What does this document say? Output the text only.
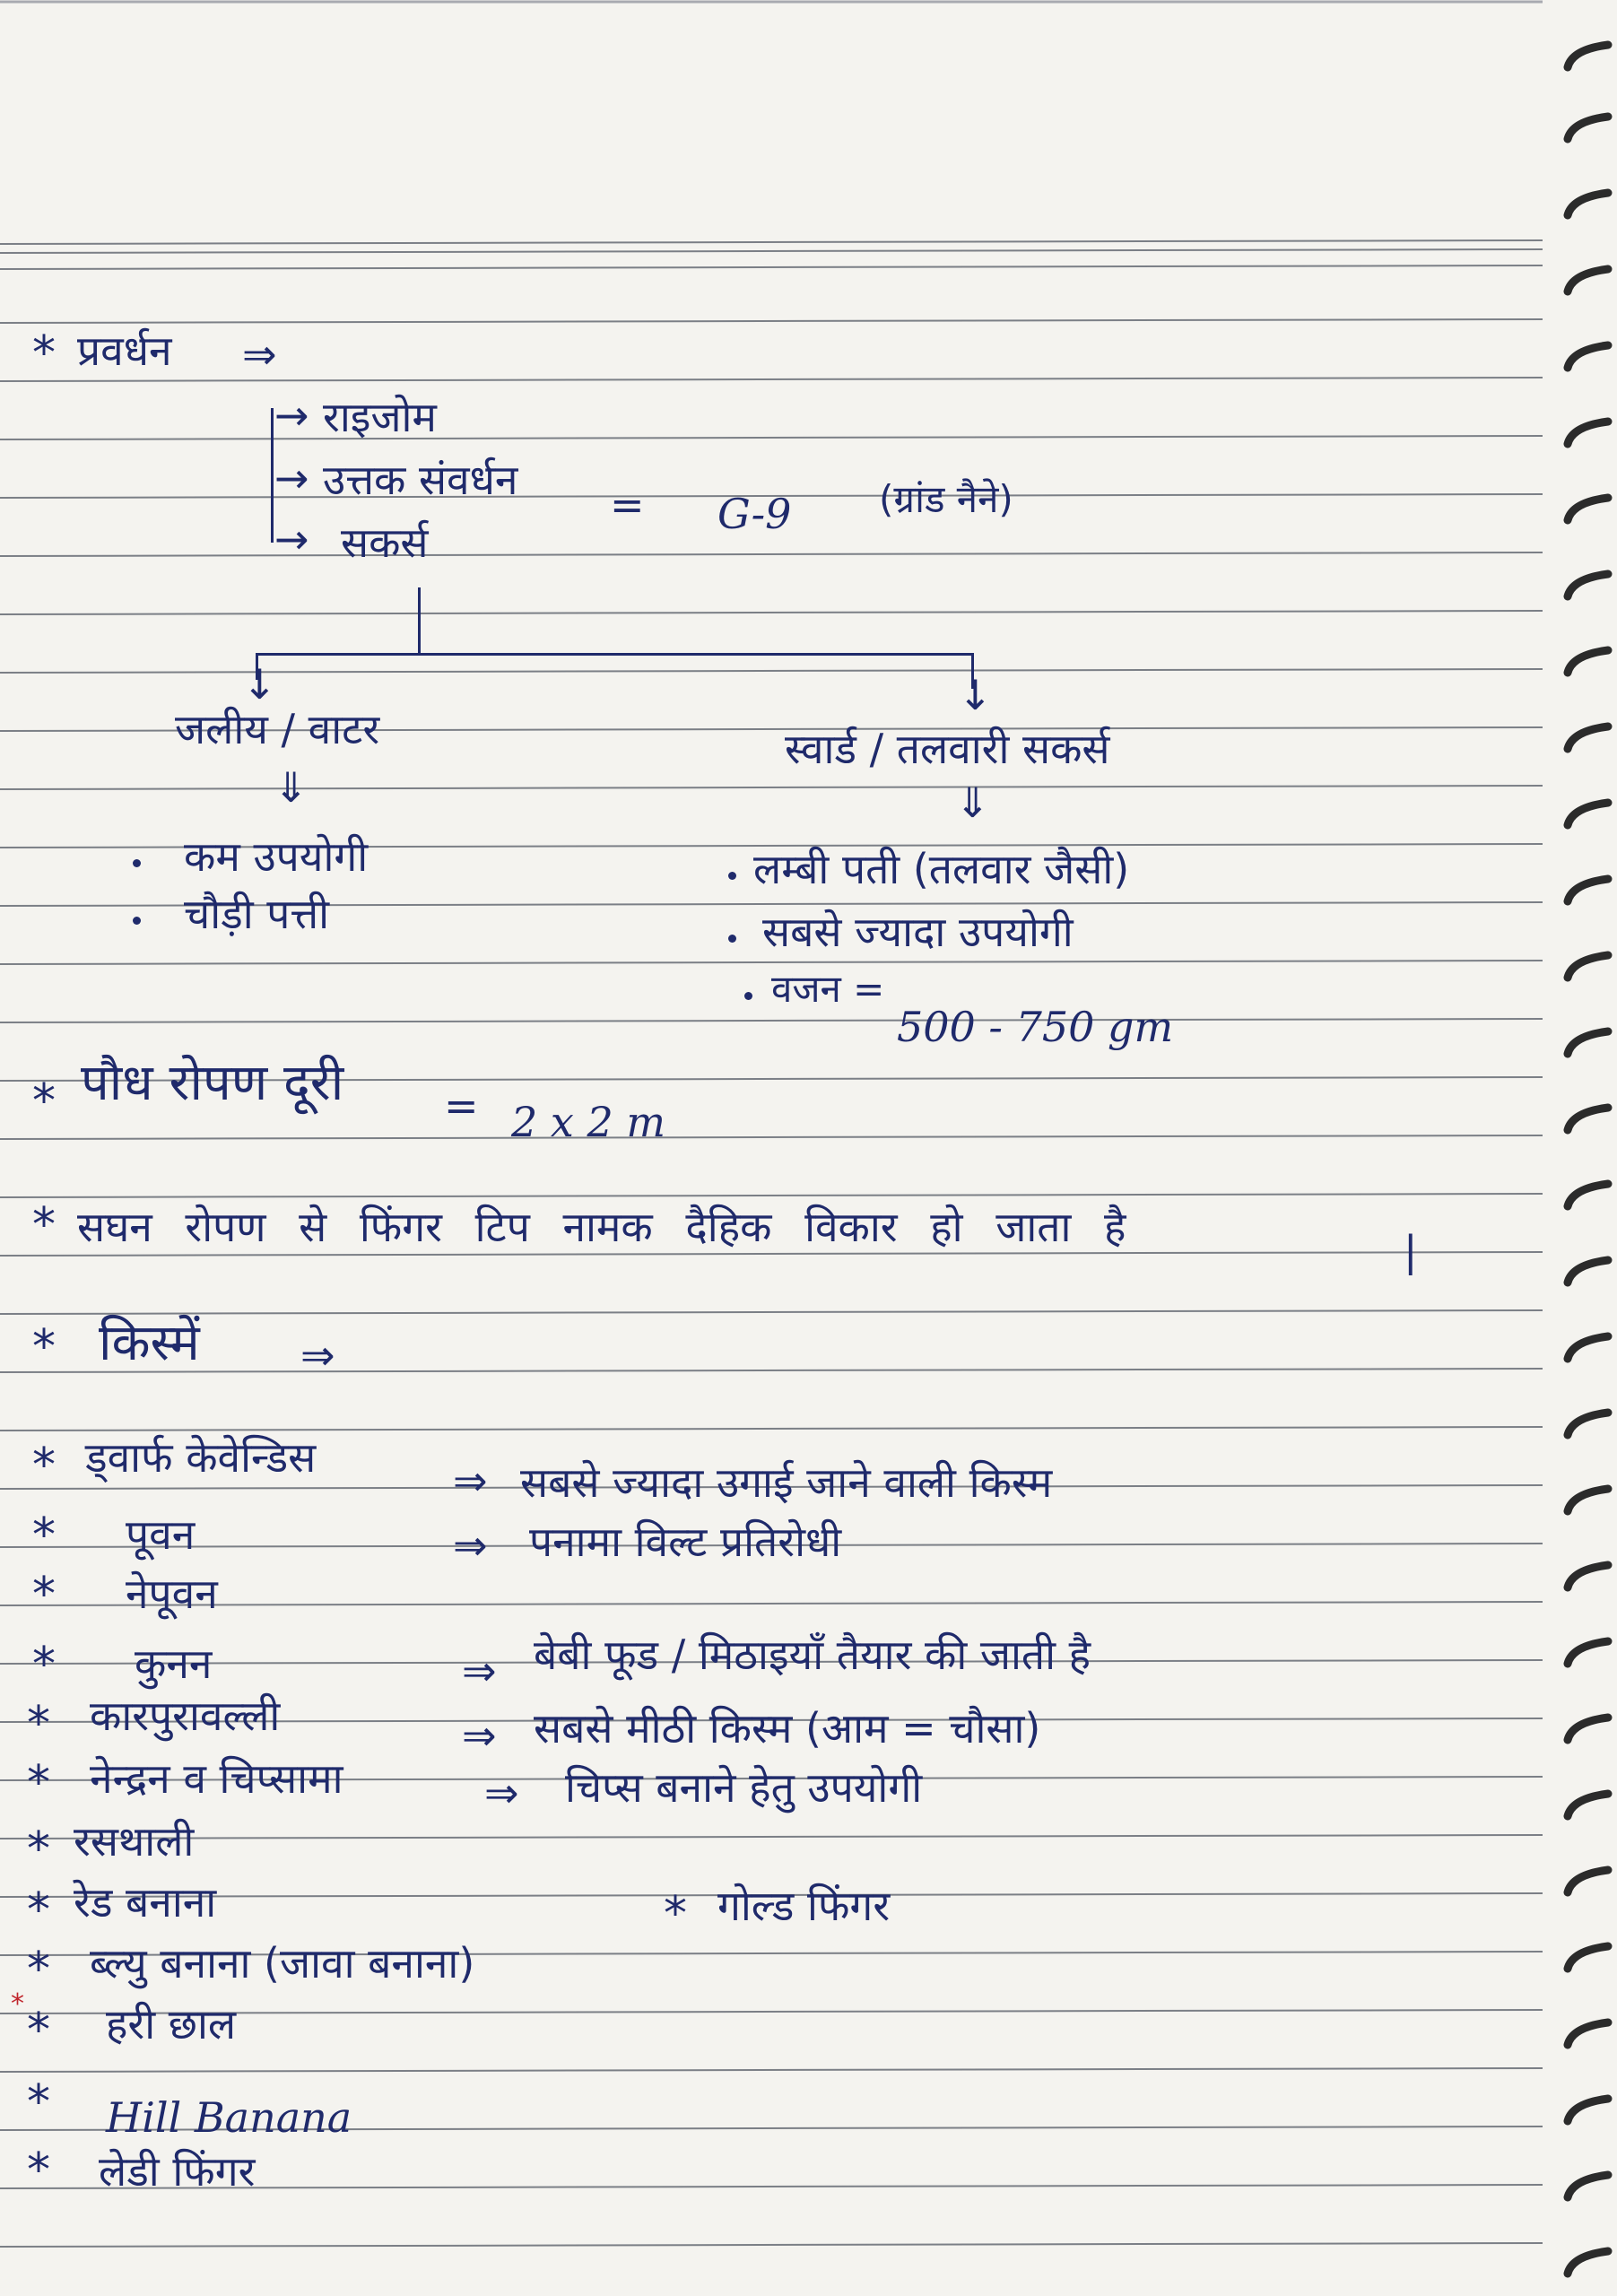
* प्रवर्धन ⇒
→ राइजोम
→ उत्तक संवर्धन
→ सकर्स
= G-9 (ग्रांड नैने)
↓	↓
जलीय / वाटर
⇓
कम उपयोगी
चौड़ी पत्ती
स्वार्ड / तलवारी सकर्स
⇓
लम्बी पती (तलवार जैसी)
सबसे ज्यादा उपयोगी
वजन =
500 - 750 gm
* पौध रोपण दूरी = 2 x 2 m
* सघन रोपण से फिंगर टिप नामक दैहिक विकार हो जाता है	|
* किस्में ⇒
* ड्वार्फ केवेन्डिस	⇒ सबसे ज्यादा उगाई जाने वाली किस्म
* पूवन	⇒ पनामा विल्ट प्रतिरोधी
* नेपूवन
* कुनन	⇒ बेबी फूड / मिठाइयाँ तैयार की जाती है
* कारपुरावल्ली	⇒ सबसे मीठी किस्म (आम = चौसा)
* नेन्द्रन व चिप्सामा	⇒ चिप्स बनाने हेतु उपयोगी
* रसथाली
* रेड बनाना	* गोल्ड फिंगर
* ब्ल्यु बनाना (जावा बनाना)
* * हरी छाल
* Hill Banana
* लेडी फिंगर
